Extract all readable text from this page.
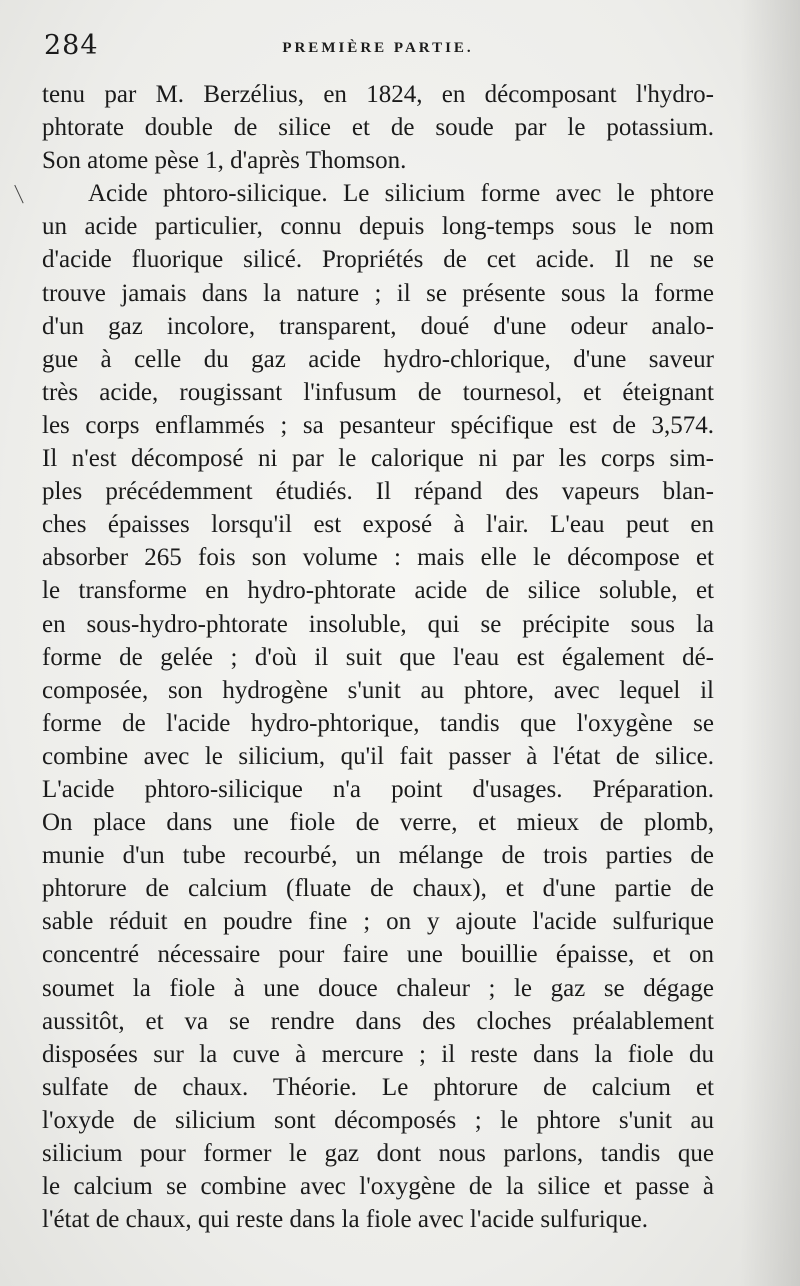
284	PREMIÈRE PARTIE.
tenu par M. Berzélius, en 1824, en décomposant l'hydro-
phtorate double de silice et de soude par le potassium.
Son atome pèse 1, d'après Thomson.
Acide phtoro-silicique. Le silicium forme avec le phtore
un acide particulier, connu depuis long-temps sous le nom
d'acide fluorique silicé. Propriétés de cet acide. Il ne se
trouve jamais dans la nature ; il se présente sous la forme
d'un gaz incolore, transparent, doué d'une odeur analo-
gue à celle du gaz acide hydro-chlorique, d'une saveur
très acide, rougissant l'infusum de tournesol, et éteignant
les corps enflammés ; sa pesanteur spécifique est de 3,574.
Il n'est décomposé ni par le calorique ni par les corps sim-
ples précédemment étudiés. Il répand des vapeurs blan-
ches épaisses lorsqu'il est exposé à l'air. L'eau peut en
absorber 265 fois son volume : mais elle le décompose et
le transforme en hydro-phtorate acide de silice soluble, et
en sous-hydro-phtorate insoluble, qui se précipite sous la
forme de gelée ; d'où il suit que l'eau est également dé-
composée, son hydrogène s'unit au phtore, avec lequel il
forme de l'acide hydro-phtorique, tandis que l'oxygène se
combine avec le silicium, qu'il fait passer à l'état de silice.
L'acide phtoro-silicique n'a point d'usages. Préparation.
On place dans une fiole de verre, et mieux de plomb,
munie d'un tube recourbé, un mélange de trois parties de
phtorure de calcium (fluate de chaux), et d'une partie de
sable réduit en poudre fine ; on y ajoute l'acide sulfurique
concentré nécessaire pour faire une bouillie épaisse, et on
soumet la fiole à une douce chaleur ; le gaz se dégage
aussitôt, et va se rendre dans des cloches préalablement
disposées sur la cuve à mercure ; il reste dans la fiole du
sulfate de chaux. Théorie. Le phtorure de calcium et
l'oxyde de silicium sont décomposés ; le phtore s'unit au
silicium pour former le gaz dont nous parlons, tandis que
le calcium se combine avec l'oxygène de la silice et passe à
l'état de chaux, qui reste dans la fiole avec l'acide sulfurique.
